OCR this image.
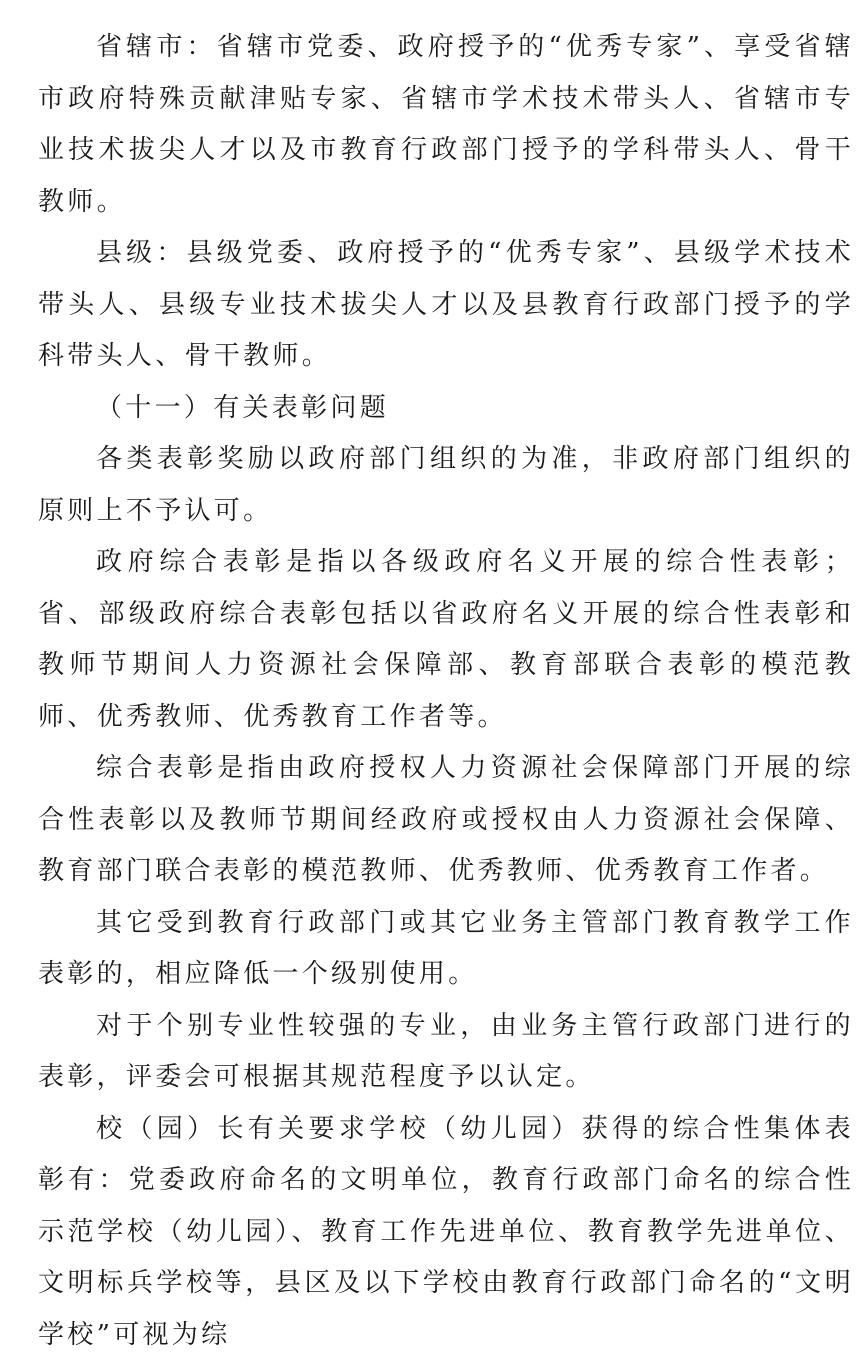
省辖市：省辖市党委、政府授予的“优秀专家”、享受省辖市政府特殊贡献津贴专家、省辖市学术技术带头人、省辖市专业技术拔尖人才以及市教育行政部门授予的学科带头人、骨干教师。

县级：县级党委、政府授予的“优秀专家”、县级学术技术带头人、县级专业技术拔尖人才以及县教育行政部门授予的学科带头人、骨干教师。

（十一）有关表彰问题

各类表彰奖励以政府部门组织的为准，非政府部门组织的原则上不予认可。

政府综合表彰是指以各级政府名义开展的综合性表彰；省、部级政府综合表彰包括以省政府名义开展的综合性表彰和教师节期间人力资源社会保障部、教育部联合表彰的模范教师、优秀教师、优秀教育工作者等。

综合表彰是指由政府授权人力资源社会保障部门开展的综合性表彰以及教师节期间经政府或授权由人力资源社会保障、教育部门联合表彰的模范教师、优秀教师、优秀教育工作者。

其它受到教育行政部门或其它业务主管部门教育教学工作表彰的，相应降低一个级别使用。

对于个别专业性较强的专业，由业务主管行政部门进行的表彰，评委会可根据其规范程度予以认定。

校（园）长有关要求学校（幼儿园）获得的综合性集体表彰有：党委政府命名的文明单位，教育行政部门命名的综合性示范学校（幼儿园）、教育工作先进单位、教育教学先进单位、文明标兵学校等，县区及以下学校由教育行政部门命名的“文明学校”可视为综
